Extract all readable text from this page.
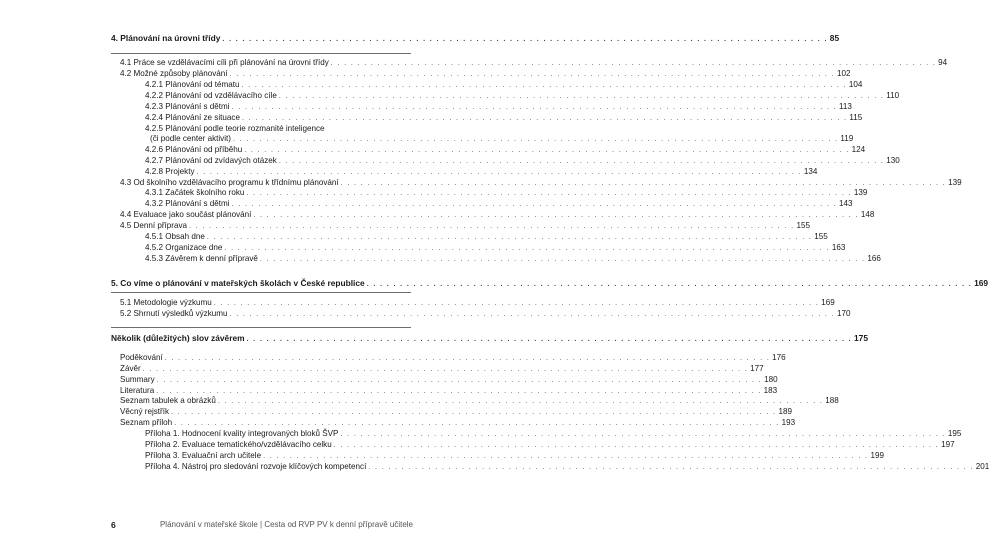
4. Plánování na úrovni třídy . . . . . . . . . . . . . . . . . . . . . . . . . . . . . . . . . . . . . . . . . . . . . . . . . . . . . . . . . . . . . . . . . . . . . . . . . . . . . . . . . . . . . . . . . . . 85
4.1 Práce se vzdělávacími cíli při plánování na úrovni třídy . . . . . . . . . . . . . . . . . . . . . . . . . . . . . . . . . . . . . . . . . . . . . . . . . . . . . . . . . . . . . . . . . . . . . . . . . . . . . . . . . . . . . . . . . . . 94
4.2 Možné způsoby plánování . . . . . . . . . . . . . . . . . . . . . . . . . . . . . . . . . . . . . . . . . . . . . . . . . . . . . . . . . . . . . . . . . . . . . . . . . . . . . . . . . . . . . . . . . . . 102
4.2.1 Plánování od tématu . . . . . . . . . . . . . . . . . . . . . . . . . . . . . . . . . . . . . . . . . . . . . . . . . . . . . . . . . . . . . . . . . . . . . . . . . . . . . . . . . . . . . . . . . . . 104
4.2.2 Plánování od vzdělávacího cíle . . . . . . . . . . . . . . . . . . . . . . . . . . . . . . . . . . . . . . . . . . . . . . . . . . . . . . . . . . . . . . . . . . . . . . . . . . . . . . . . . . . . . . . . . . . 110
4.2.3 Plánování s dětmi . . . . . . . . . . . . . . . . . . . . . . . . . . . . . . . . . . . . . . . . . . . . . . . . . . . . . . . . . . . . . . . . . . . . . . . . . . . . . . . . . . . . . . . . . . . 113
4.2.4 Plánování ze situace . . . . . . . . . . . . . . . . . . . . . . . . . . . . . . . . . . . . . . . . . . . . . . . . . . . . . . . . . . . . . . . . . . . . . . . . . . . . . . . . . . . . . . . . . . . 115
4.2.5 Plánování podle teorie rozmanité inteligence
(či podle center aktivit) . . . . . . . . . . . . . . . . . . . . . . . . . . . . . . . . . . . . . . . . . . . . . . . . . . . . . . . . . . . . . . . . . . . . . . . . . . . . . . . . . . . . . . . . . . . 119
4.2.6 Plánování od příběhu . . . . . . . . . . . . . . . . . . . . . . . . . . . . . . . . . . . . . . . . . . . . . . . . . . . . . . . . . . . . . . . . . . . . . . . . . . . . . . . . . . . . . . . . . . . 124
4.2.7 Plánování od zvídavých otázek . . . . . . . . . . . . . . . . . . . . . . . . . . . . . . . . . . . . . . . . . . . . . . . . . . . . . . . . . . . . . . . . . . . . . . . . . . . . . . . . . . . . . . . . . . . 130
4.2.8 Projekty . . . . . . . . . . . . . . . . . . . . . . . . . . . . . . . . . . . . . . . . . . . . . . . . . . . . . . . . . . . . . . . . . . . . . . . . . . . . . . . . . . . . . . . . . . . 134
4.3 Od školního vzdělávacího programu k třídnímu plánování . . . . . . . . . . . . . . . . . . . . . . . . . . . . . . . . . . . . . . . . . . . . . . . . . . . . . . . . . . . . . . . . . . . . . . . . . . . . . . . . . . . . . . . . . . . 139
4.3.1 Začátek školního roku . . . . . . . . . . . . . . . . . . . . . . . . . . . . . . . . . . . . . . . . . . . . . . . . . . . . . . . . . . . . . . . . . . . . . . . . . . . . . . . . . . . . . . . . . . . 139
4.3.2 Plánování s dětmi . . . . . . . . . . . . . . . . . . . . . . . . . . . . . . . . . . . . . . . . . . . . . . . . . . . . . . . . . . . . . . . . . . . . . . . . . . . . . . . . . . . . . . . . . . . 143
4.4 Evaluace jako součást plánování . . . . . . . . . . . . . . . . . . . . . . . . . . . . . . . . . . . . . . . . . . . . . . . . . . . . . . . . . . . . . . . . . . . . . . . . . . . . . . . . . . . . . . . . . . . 148
4.5 Denní příprava . . . . . . . . . . . . . . . . . . . . . . . . . . . . . . . . . . . . . . . . . . . . . . . . . . . . . . . . . . . . . . . . . . . . . . . . . . . . . . . . . . . . . . . . . . . 155
4.5.1 Obsah dne . . . . . . . . . . . . . . . . . . . . . . . . . . . . . . . . . . . . . . . . . . . . . . . . . . . . . . . . . . . . . . . . . . . . . . . . . . . . . . . . . . . . . . . . . . . 155
4.5.2 Organizace dne . . . . . . . . . . . . . . . . . . . . . . . . . . . . . . . . . . . . . . . . . . . . . . . . . . . . . . . . . . . . . . . . . . . . . . . . . . . . . . . . . . . . . . . . . . . 163
4.5.3 Závěrem k denní přípravě . . . . . . . . . . . . . . . . . . . . . . . . . . . . . . . . . . . . . . . . . . . . . . . . . . . . . . . . . . . . . . . . . . . . . . . . . . . . . . . . . . . . . . . . . . . 166
5. Co víme o plánování v mateřských školách v České republice . . . . . . . . . . . . . . . . . . . . . . . . . . . . . . . . . . . . . . . . . . . . . . . . . . . . . . . . . . . . . . . . . . . . . . . . . . . . . . . . . . . . . . . . . . . 169
5.1 Metodologie výzkumu . . . . . . . . . . . . . . . . . . . . . . . . . . . . . . . . . . . . . . . . . . . . . . . . . . . . . . . . . . . . . . . . . . . . . . . . . . . . . . . . . . . . . . . . . . . 169
5.2 Shrnutí výsledků výzkumu . . . . . . . . . . . . . . . . . . . . . . . . . . . . . . . . . . . . . . . . . . . . . . . . . . . . . . . . . . . . . . . . . . . . . . . . . . . . . . . . . . . . . . . . . . . 170
Několik (důležitých) slov závěrem . . . . . . . . . . . . . . . . . . . . . . . . . . . . . . . . . . . . . . . . . . . . . . . . . . . . . . . . . . . . . . . . . . . . . . . . . . . . . . . . . . . . . . . . . . . 175
Poděkování . . . . . . . . . . . . . . . . . . . . . . . . . . . . . . . . . . . . . . . . . . . . . . . . . . . . . . . . . . . . . . . . . . . . . . . . . . . . . . . . . . . . . . . . . . . 176
Závěr . . . . . . . . . . . . . . . . . . . . . . . . . . . . . . . . . . . . . . . . . . . . . . . . . . . . . . . . . . . . . . . . . . . . . . . . . . . . . . . . . . . . . . . . . . . 177
Summary . . . . . . . . . . . . . . . . . . . . . . . . . . . . . . . . . . . . . . . . . . . . . . . . . . . . . . . . . . . . . . . . . . . . . . . . . . . . . . . . . . . . . . . . . . . 180
Literatura . . . . . . . . . . . . . . . . . . . . . . . . . . . . . . . . . . . . . . . . . . . . . . . . . . . . . . . . . . . . . . . . . . . . . . . . . . . . . . . . . . . . . . . . . . . 183
Seznam tabulek a obrázků . . . . . . . . . . . . . . . . . . . . . . . . . . . . . . . . . . . . . . . . . . . . . . . . . . . . . . . . . . . . . . . . . . . . . . . . . . . . . . . . . . . . . . . . . . . 188
Věcný rejstřík . . . . . . . . . . . . . . . . . . . . . . . . . . . . . . . . . . . . . . . . . . . . . . . . . . . . . . . . . . . . . . . . . . . . . . . . . . . . . . . . . . . . . . . . . . . 189
Seznam příloh . . . . . . . . . . . . . . . . . . . . . . . . . . . . . . . . . . . . . . . . . . . . . . . . . . . . . . . . . . . . . . . . . . . . . . . . . . . . . . . . . . . . . . . . . . . 193
Příloha 1. Hodnocení kvality integrovaných bloků ŠVP . . . . . . . . . . . . . . . . . . . . . . . . . . . . . . . . . . . . . . . . . . . . . . . . . . . . . . . . . . . . . . . . . . . . . . . . . . . . . . . . . . . . . . . . . . . 195
Příloha 2. Evaluace tematického/vzdělávacího celku . . . . . . . . . . . . . . . . . . . . . . . . . . . . . . . . . . . . . . . . . . . . . . . . . . . . . . . . . . . . . . . . . . . . . . . . . . . . . . . . . . . . . . . . . . . 197
Příloha 3. Evaluační arch učitele . . . . . . . . . . . . . . . . . . . . . . . . . . . . . . . . . . . . . . . . . . . . . . . . . . . . . . . . . . . . . . . . . . . . . . . . . . . . . . . . . . . . . . . . . . . 199
Příloha 4. Nástroj pro sledování rozvoje klíčových kompetencí . . . . . . . . . . . . . . . . . . . . . . . . . . . . . . . . . . . . . . . . . . . . . . . . . . . . . . . . . . . . . . . . . . . . . . . . . . . . . . . . . . . . . . . . . . . 201
6	Plánování v mateřské škole | Cesta od RVP PV k denní přípravě učitele
